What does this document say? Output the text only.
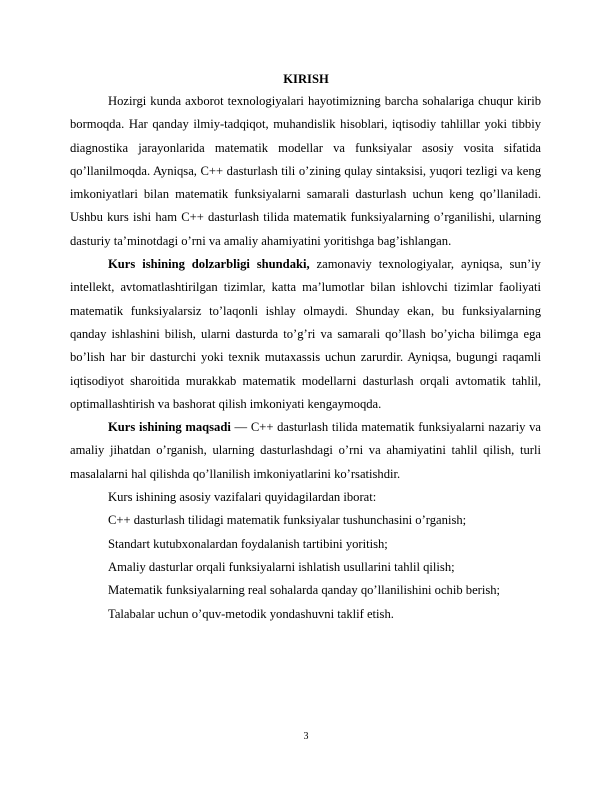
KIRISH

Hozirgi kunda axborot texnologiyalari hayotimizning barcha sohalariga chuqur kirib bormoqda. Har qanday ilmiy-tadqiqot, muhandislik hisoblari, iqtisodiy tahlillar yoki tibbiy diagnostika jarayonlarida matematik modellar va funksiyalar asosiy vosita sifatida qo’llanilmoqda. Ayniqsa, C++ dasturlash tili o’zining qulay sintaksisi, yuqori tezligi va keng imkoniyatlari bilan matematik funksiyalarni samarali dasturlash uchun keng qo’llaniladi. Ushbu kurs ishi ham C++ dasturlash tilida matematik funksiyalarning o’rganilishi, ularning dasturiy ta’minotdagi o’rni va amaliy ahamiyatini yoritishga bag’ishlangan.

Kurs ishining dolzarbligi shundaki, zamonaviy texnologiyalar, ayniqsa, sun’iy intellekt, avtomatlashtirilgan tizimlar, katta ma’lumotlar bilan ishlovchi tizimlar faoliyati matematik funksiyalarsiz to’laqonli ishlay olmaydi. Shunday ekan, bu funksiyalarning qanday ishlashini bilish, ularni dasturda to’g’ri va samarali qo’llash bo’yicha bilimga ega bo’lish har bir dasturchi yoki texnik mutaxassis uchun zarurdir. Ayniqsa, bugungi raqamli iqtisodiyot sharoitida murakkab matematik modellarni dasturlash orqali avtomatik tahlil, optimallashtirish va bashorat qilish imkoniyati kengaymoqda.

Kurs ishining maqsadi — C++ dasturlash tilida matematik funksiyalarni nazariy va amaliy jihatdan o’rganish, ularning dasturlashdagi o’rni va ahamiyatini tahlil qilish, turli masalalarni hal qilishda qo’llanilish imkoniyatlarini ko’rsatishdir.

Kurs ishining asosiy vazifalari quyidagilardan iborat:

C++ dasturlash tilidagi matematik funksiyalar tushunchasini o’rganish;

Standart kutubxonalardan foydalanish tartibini yoritish;

Amaliy dasturlar orqali funksiyalarni ishlatish usullarini tahlil qilish;

Matematik funksiyalarning real sohalarda qanday qo’llanilishini ochib berish;

Talabalar uchun o’quv-metodik yondashuvni taklif etish.

3
